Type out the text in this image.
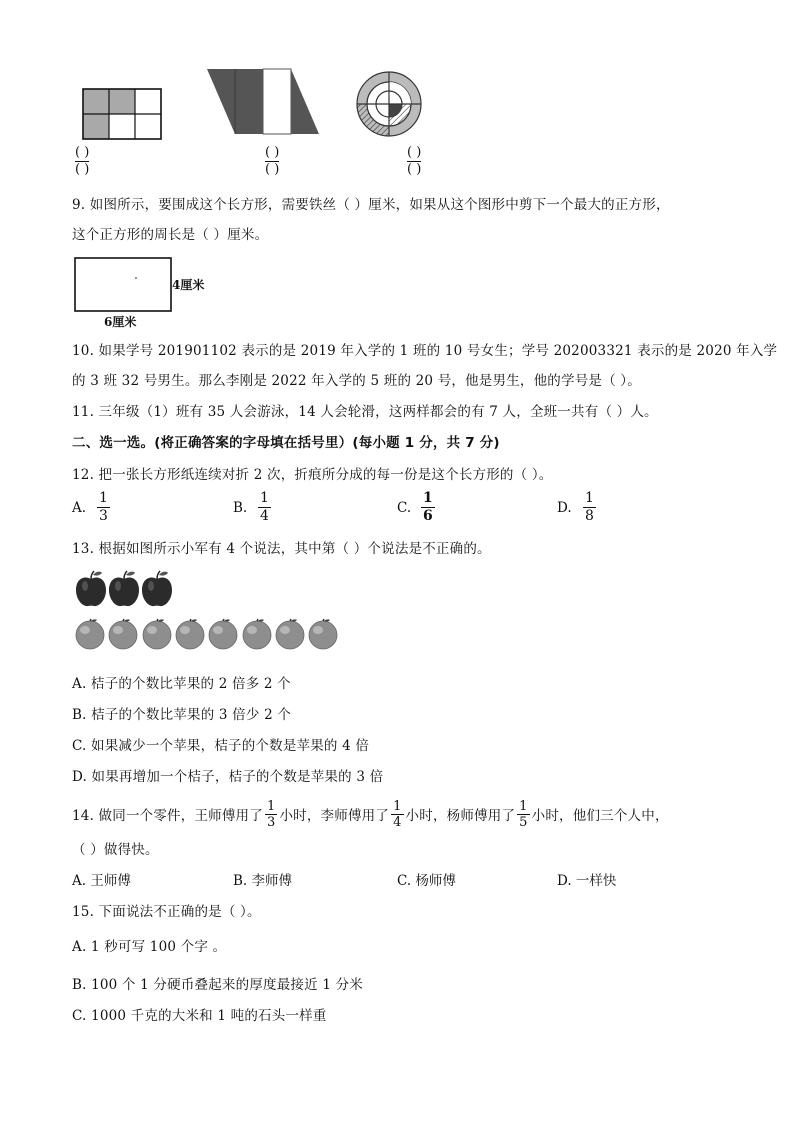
( )
( )
( )
( )
( )
( )
9. 如图所示，要围成这个长方形，需要铁丝（ ）厘米，如果从这个图形中剪下一个最大的正方形，
这个正方形的周长是（ ）厘米。
4厘米
6厘米
10. 如果学号 201901102 表示的是 2019 年入学的 1 班的 10 号女生；学号 202003321 表示的是 2020 年入学
的 3 班 32 号男生。那么李刚是 2022 年入学的 5 班的 20 号，他是男生，他的学号是（ ）。
11. 三年级（1）班有 35 人会游泳，14 人会轮滑，这两样都会的有 7 人，全班一共有（ ）人。
二、选一选。(将正确答案的字母填在括号里）(每小题 1 分，共 7 分)
12. 把一张长方形纸连续对折 2 次，折痕所分成的每一份是这个长方形的（ ）。
A. $\frac{1}{3}$	B. $\frac{1}{4}$	C. $\frac{1}{6}$	D. $\frac{1}{8}$
13. 根据如图所示小军有 4 个说法，其中第（ ）个说法是不正确的。
A. 桔子的个数比苹果的 2 倍多 2 个
B. 桔子的个数比苹果的 3 倍少 2 个
C. 如果减少一个苹果，桔子的个数是苹果的 4 倍
D. 如果再增加一个桔子，桔子的个数是苹果的 3 倍
14. 做同一个零件，王师傅用了 $\frac{1}{3}$ 小时，李师傅用了 $\frac{1}{4}$ 小时，杨师傅用了 $\frac{1}{5}$ 小时，他们三个人中，
（ ）做得快。
A. 王师傅	B. 李师傅	C. 杨师傅	D. 一样快
15. 下面说法不正确的是（ ）。
A. 1 秒可写 100 个字 。
B. 100 个 1 分硬币叠起来的厚度最接近 1 分米
C. 1000 千克的大米和 1 吨的石头一样重
